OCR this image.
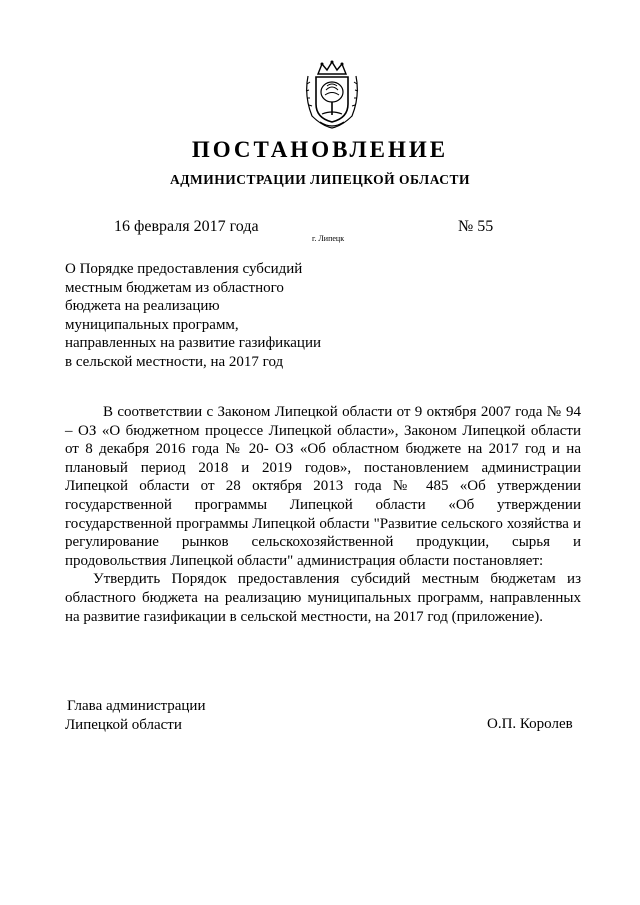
ПОСТАНОВЛЕНИЕ
АДМИНИСТРАЦИИ ЛИПЕЦКОЙ ОБЛАСТИ
16 февраля 2017 года
г. Липецк
№ 55
О Порядке предоставления субсидий
местным бюджетам из областного
бюджета на реализацию
муниципальных программ,
направленных на развитие газификации
в сельской местности, на 2017 год

В соответствии с Законом Липецкой области от 9 октября 2007 года № 94 – ОЗ «О бюджетном процессе Липецкой области», Законом Липецкой области от 8 декабря 2016 года № 20- ОЗ «Об областном бюджете на 2017 год и на плановый период 2018 и 2019 годов», постановлением администрации Липецкой области от 28 октября 2013 года № 485 «Об утверждении государственной программы Липецкой области «Об утверждении государственной программы Липецкой области "Развитие сельского хозяйства и регулирование рынков сельскохозяйственной продукции, сырья и продовольствия Липецкой области" администрация области постановляет:

Утвердить Порядок предоставления субсидий местным бюджетам из областного бюджета на реализацию муниципальных программ, направленных на развитие газификации в сельской местности, на 2017 год (приложение).

Глава администрации
Липецкой области	О.П. Королев
